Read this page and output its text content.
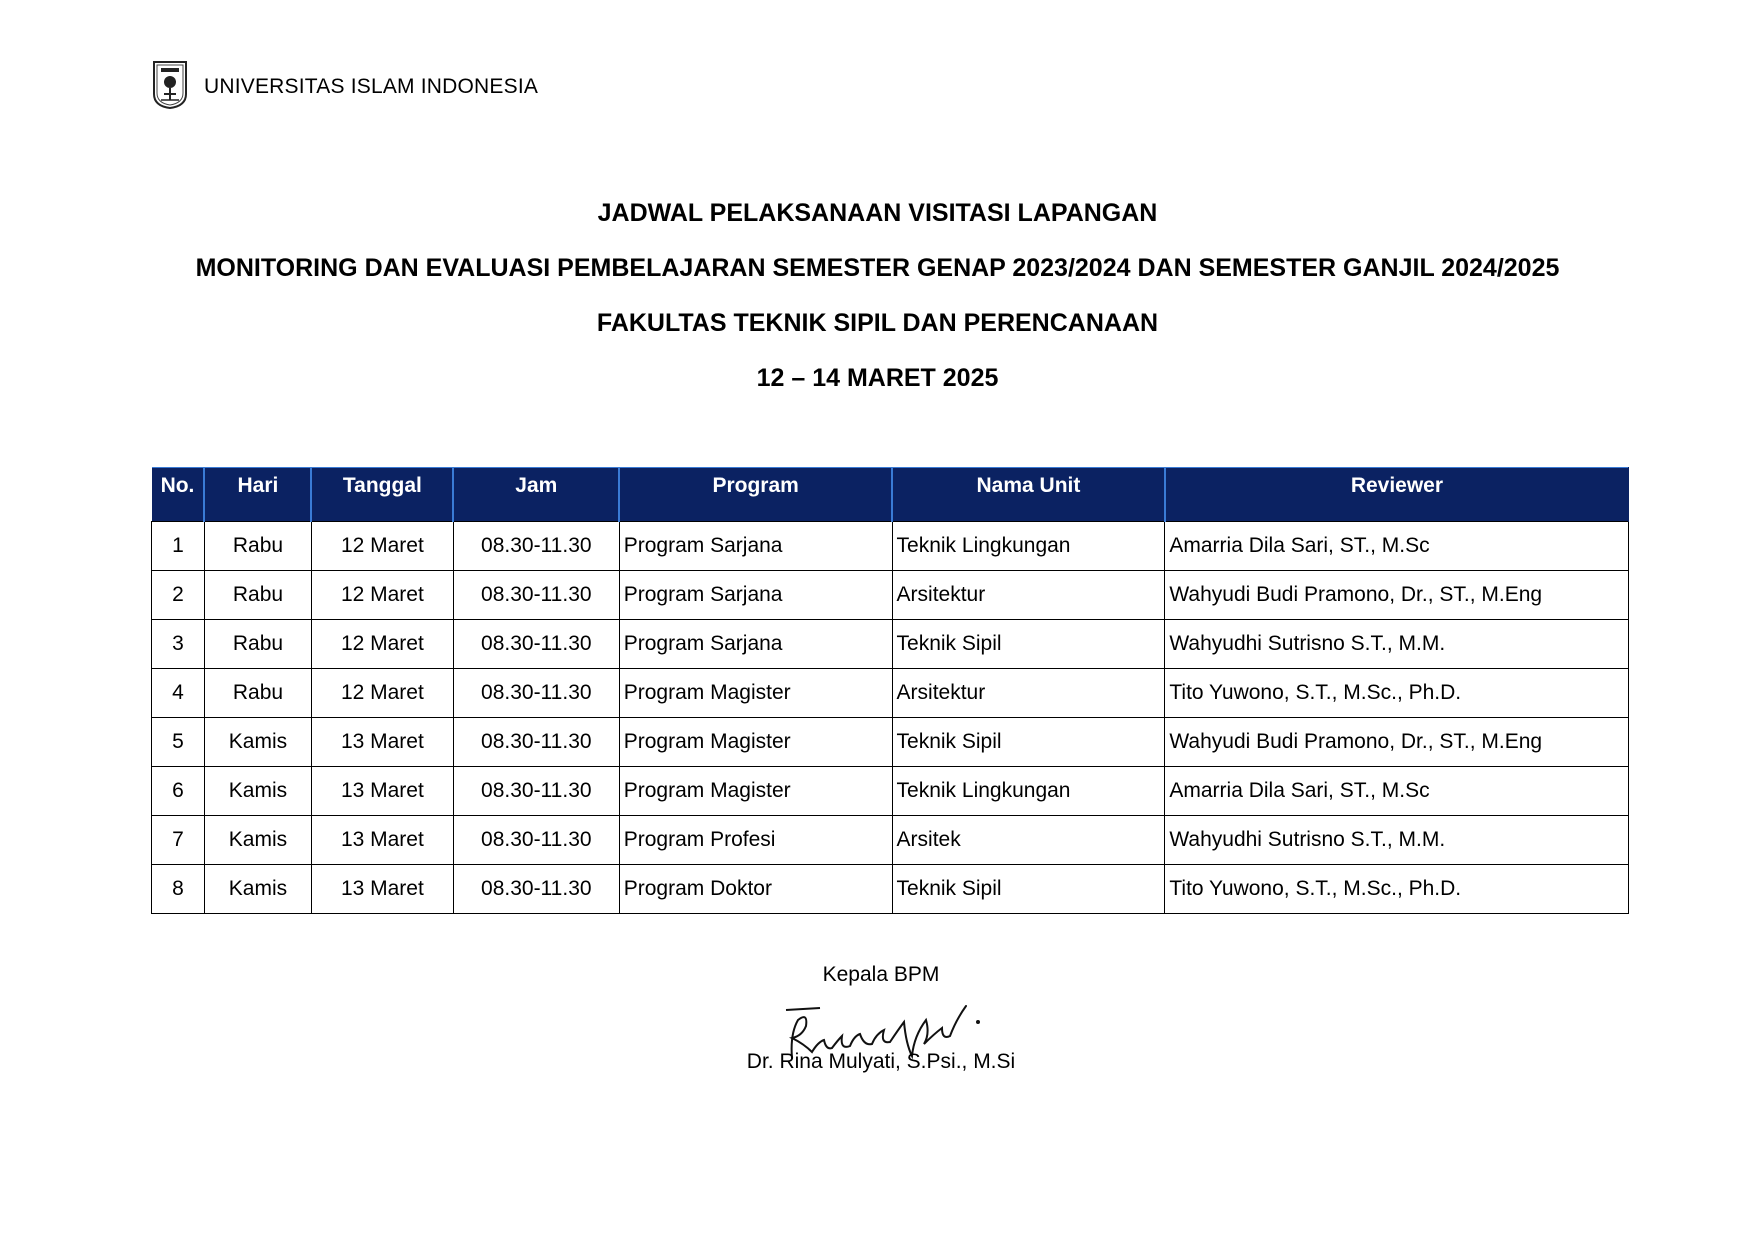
UNIVERSITAS ISLAM INDONESIA
JADWAL PELAKSANAAN VISITASI LAPANGAN
MONITORING DAN EVALUASI PEMBELAJARAN SEMESTER GENAP 2023/2024 DAN SEMESTER GANJIL 2024/2025
FAKULTAS TEKNIK SIPIL DAN PERENCANAAN
12 – 14 MARET 2025
No.	Hari	Tanggal	Jam	Program	Nama Unit	Reviewer
1	Rabu	12 Maret	08.30-11.30	Program Sarjana	Teknik Lingkungan	Amarria Dila Sari, ST., M.Sc
2	Rabu	12 Maret	08.30-11.30	Program Sarjana	Arsitektur	Wahyudi Budi Pramono, Dr., ST., M.Eng
3	Rabu	12 Maret	08.30-11.30	Program Sarjana	Teknik Sipil	Wahyudhi Sutrisno S.T., M.M.
4	Rabu	12 Maret	08.30-11.30	Program Magister	Arsitektur	Tito Yuwono, S.T., M.Sc., Ph.D.
5	Kamis	13 Maret	08.30-11.30	Program Magister	Teknik Sipil	Wahyudi Budi Pramono, Dr., ST., M.Eng
6	Kamis	13 Maret	08.30-11.30	Program Magister	Teknik Lingkungan	Amarria Dila Sari, ST., M.Sc
7	Kamis	13 Maret	08.30-11.30	Program Profesi	Arsitek	Wahyudhi Sutrisno S.T., M.M.
8	Kamis	13 Maret	08.30-11.30	Program Doktor	Teknik Sipil	Tito Yuwono, S.T., M.Sc., Ph.D.
Kepala BPM
Dr. Rina Mulyati, S.Psi., M.Si
